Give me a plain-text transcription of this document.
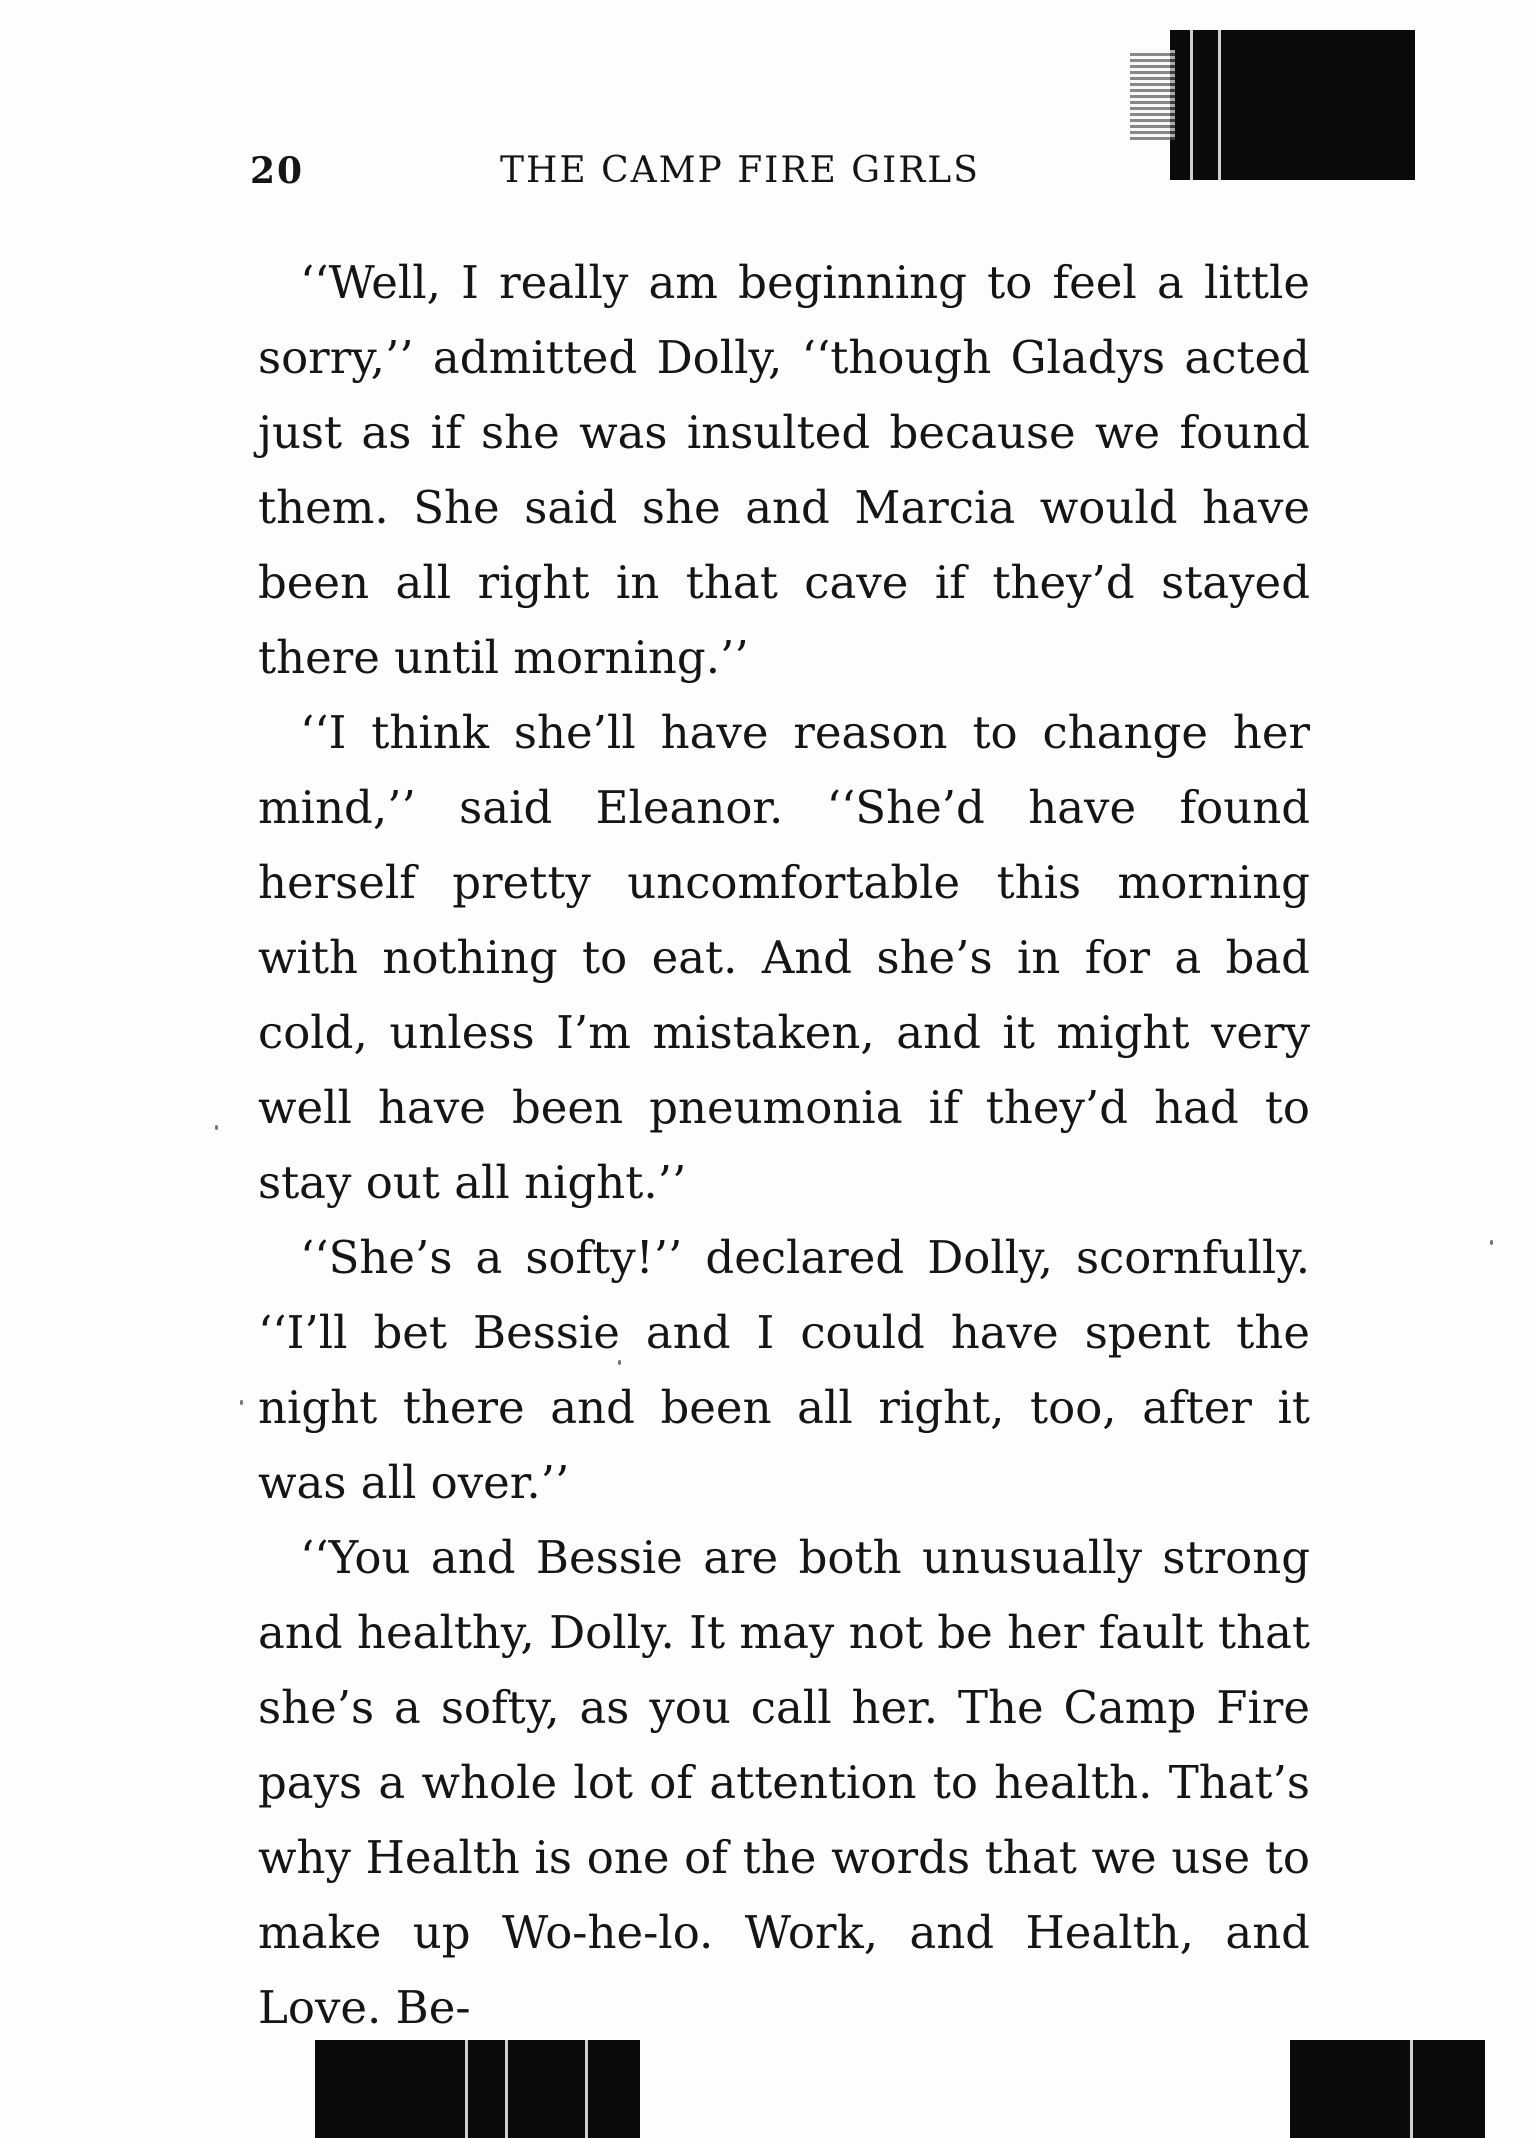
20	THE CAMP FIRE GIRLS

‘‘Well, I really am beginning to feel a little sorry,’’ admitted Dolly, ‘‘though Gladys acted just as if she was insulted because we found them. She said she and Marcia would have been all right in that cave if they’d stayed there until morning.’’

‘‘I think she’ll have reason to change her mind,’’ said Eleanor. ‘‘She’d have found herself pretty uncomfortable this morning with nothing to eat. And she’s in for a bad cold, unless I’m mistaken, and it might very well have been pneumonia if they’d had to stay out all night.’’

‘‘She’s a softy!’’ declared Dolly, scornfully. ‘‘I’ll bet Bessie and I could have spent the night there and been all right, too, after it was all over.’’

‘‘You and Bessie are both unusually strong and healthy, Dolly. It may not be her fault that she’s a softy, as you call her. The Camp Fire pays a whole lot of attention to health. That’s why Health is one of the words that we use to make up Wo-he-lo. Work, and Health, and Love. Be-
